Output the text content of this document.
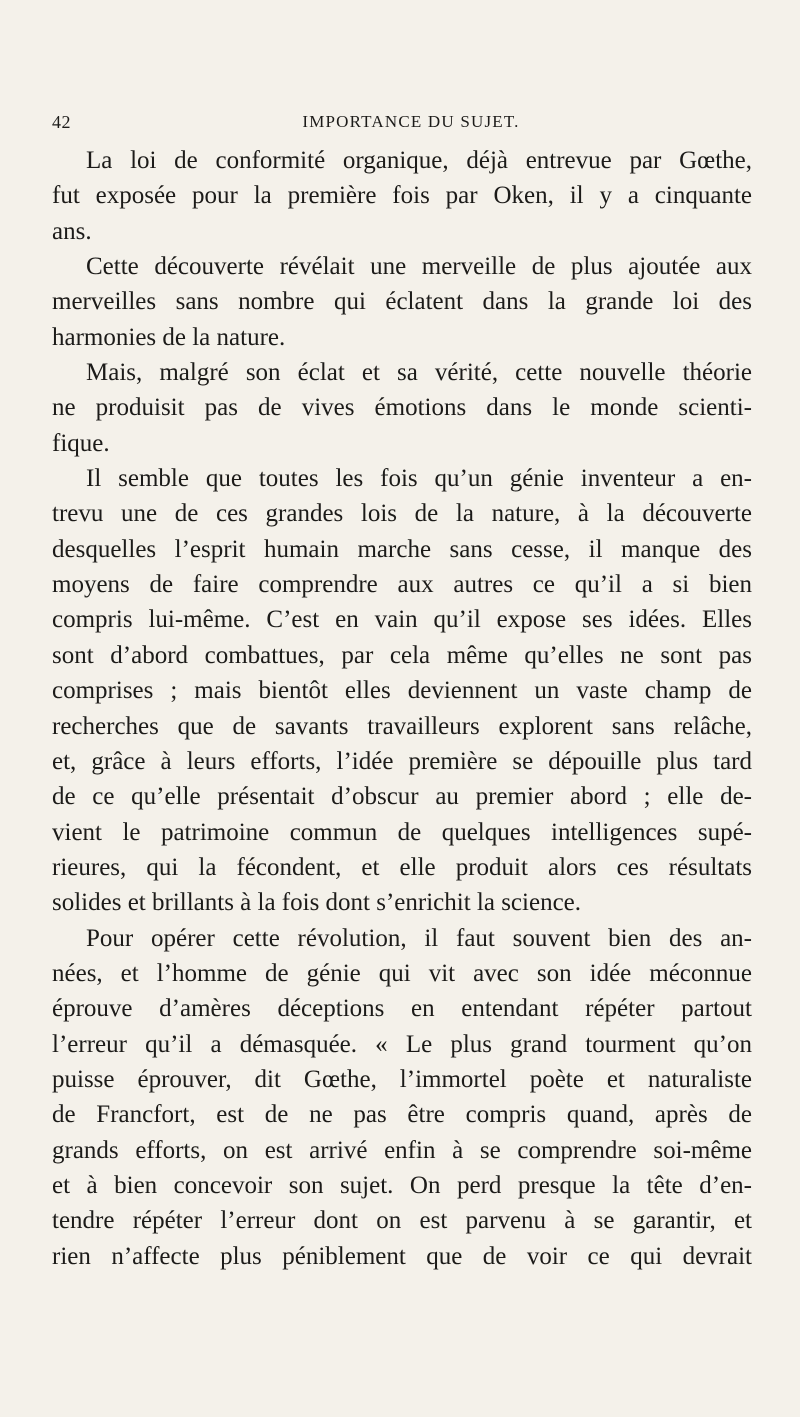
42	IMPORTANCE DU SUJET.
La loi de conformité organique, déjà entrevue par Gœthe,
fut exposée pour la première fois par Oken, il y a cinquante
ans.
Cette découverte révélait une merveille de plus ajoutée aux
merveilles sans nombre qui éclatent dans la grande loi des
harmonies de la nature.
Mais, malgré son éclat et sa vérité, cette nouvelle théorie
ne produisit pas de vives émotions dans le monde scienti-
fique.
Il semble que toutes les fois qu’un génie inventeur a en-
trevu une de ces grandes lois de la nature, à la découverte
desquelles l’esprit humain marche sans cesse, il manque des
moyens de faire comprendre aux autres ce qu’il a si bien
compris lui-même. C’est en vain qu’il expose ses idées. Elles
sont d’abord combattues, par cela même qu’elles ne sont pas
comprises ; mais bientôt elles deviennent un vaste champ de
recherches que de savants travailleurs explorent sans relâche,
et, grâce à leurs efforts, l’idée première se dépouille plus tard
de ce qu’elle présentait d’obscur au premier abord ; elle de-
vient le patrimoine commun de quelques intelligences supé-
rieures, qui la fécondent, et elle produit alors ces résultats
solides et brillants à la fois dont s’enrichit la science.
Pour opérer cette révolution, il faut souvent bien des an-
nées, et l’homme de génie qui vit avec son idée méconnue
éprouve d’amères déceptions en entendant répéter partout
l’erreur qu’il a démasquée. « Le plus grand tourment qu’on
puisse éprouver, dit Gœthe, l’immortel poète et naturaliste
de Francfort, est de ne pas être compris quand, après de
grands efforts, on est arrivé enfin à se comprendre soi-même
et à bien concevoir son sujet. On perd presque la tête d’en-
tendre répéter l’erreur dont on est parvenu à se garantir, et
rien n’affecte plus péniblement que de voir ce qui devrait
